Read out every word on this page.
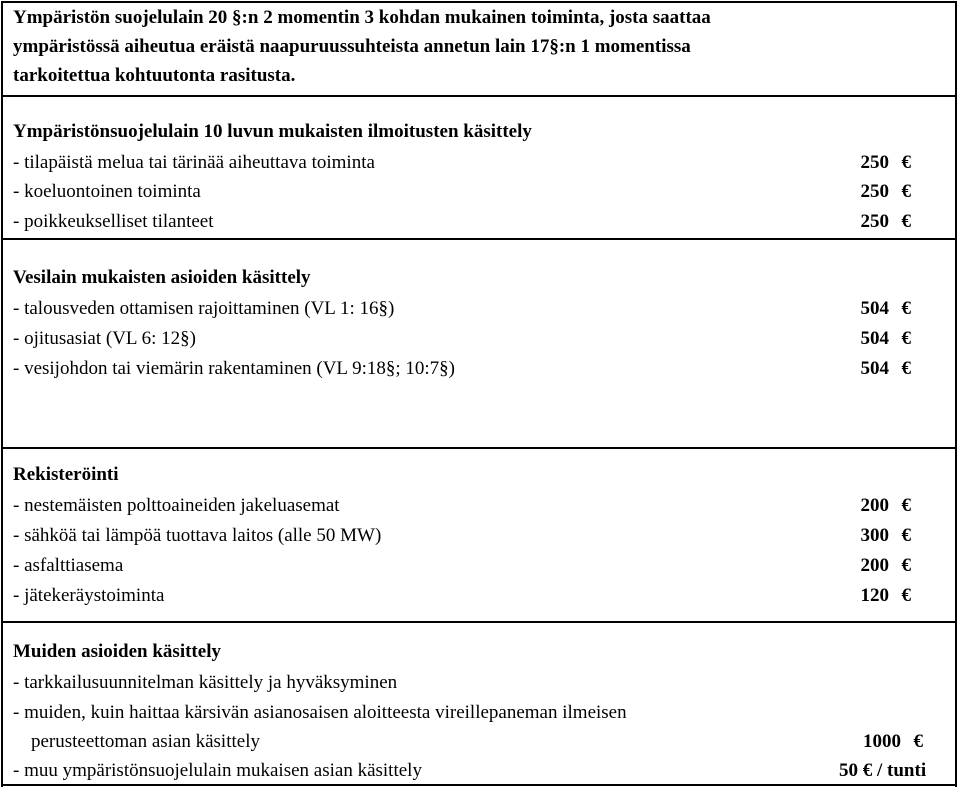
Ympäristön suojelulain 20 §:n 2 momentin 3 kohdan mukainen toiminta, josta saattaa
ympäristössä aiheutua eräistä naapuruussuhteista annetun lain 17§:n 1 momentissa
tarkoitettua kohtuutonta rasitusta.
Ympäristönsuojelulain 10 luvun mukaisten ilmoitusten käsittely
- tilapäistä melua tai tärinää aiheuttava toiminta	250 €
- koeluontoinen toiminta	250 €
- poikkeukselliset tilanteet	250 €
Vesilain mukaisten asioiden käsittely
- talousveden ottamisen rajoittaminen (VL 1: 16§)	504 €
- ojitusasiat (VL 6: 12§)	504 €
- vesijohdon tai viemärin rakentaminen (VL 9:18§; 10:7§)	504 €
Rekisteröinti
- nestemäisten polttoaineiden jakeluasemat	200 €
- sähköä tai lämpöä tuottava laitos (alle 50 MW)	300 €
- asfalttiasema	200 €
- jätekeräystoiminta	120 €
Muiden asioiden käsittely
- tarkkailusuunnitelman käsittely ja hyväksyminen
- muiden, kuin haittaa kärsivän asianosaisen aloitteesta vireillepaneman ilmeisen
perusteettoman asian käsittely	1000 €
- muu ympäristönsuojelulain mukaisen asian käsittely	50 € / tunti
